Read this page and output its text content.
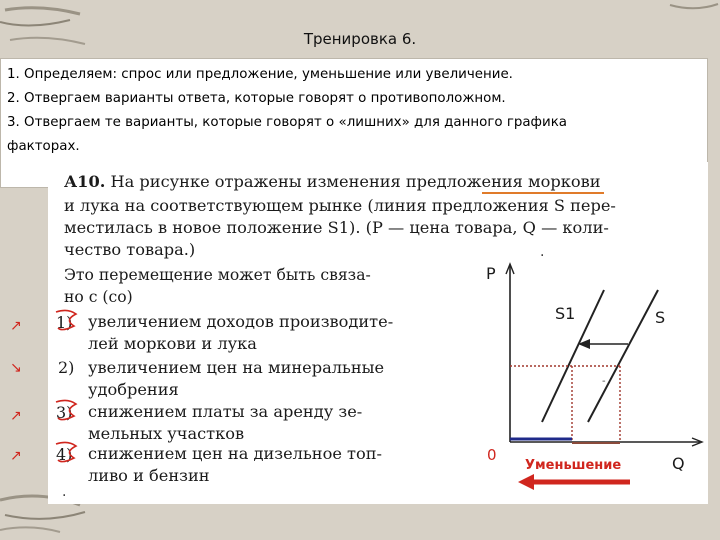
Тренировка 6.
1. Определяем: спрос или предложение, уменьшение или увеличение.
2. Отвергаем варианты ответа, которые говорят о противоположном.
3. Отвергаем те варианты, которые говорят о «лишних» для данного графика
факторах.
А10. На рисунке отражены изменения предложения моркови
и лука на соответствующем рынке (линия предложения S пере-
местилась в новое положение S1). (P — цена товара, Q — коли-
чество товара.)
Это перемещение может быть связа-
но с (со)
↗ 1) увеличением доходов производите-
лей моркови и лука
↘ 2) увеличением цен на минеральные
удобрения
↗ 3) снижением платы за аренду зе-
мельных участков
↗ 4) снижением цен на дизельное топ-
ливо и бензин
.
.
-
P
Q
S
S1
0
Уменьшение
